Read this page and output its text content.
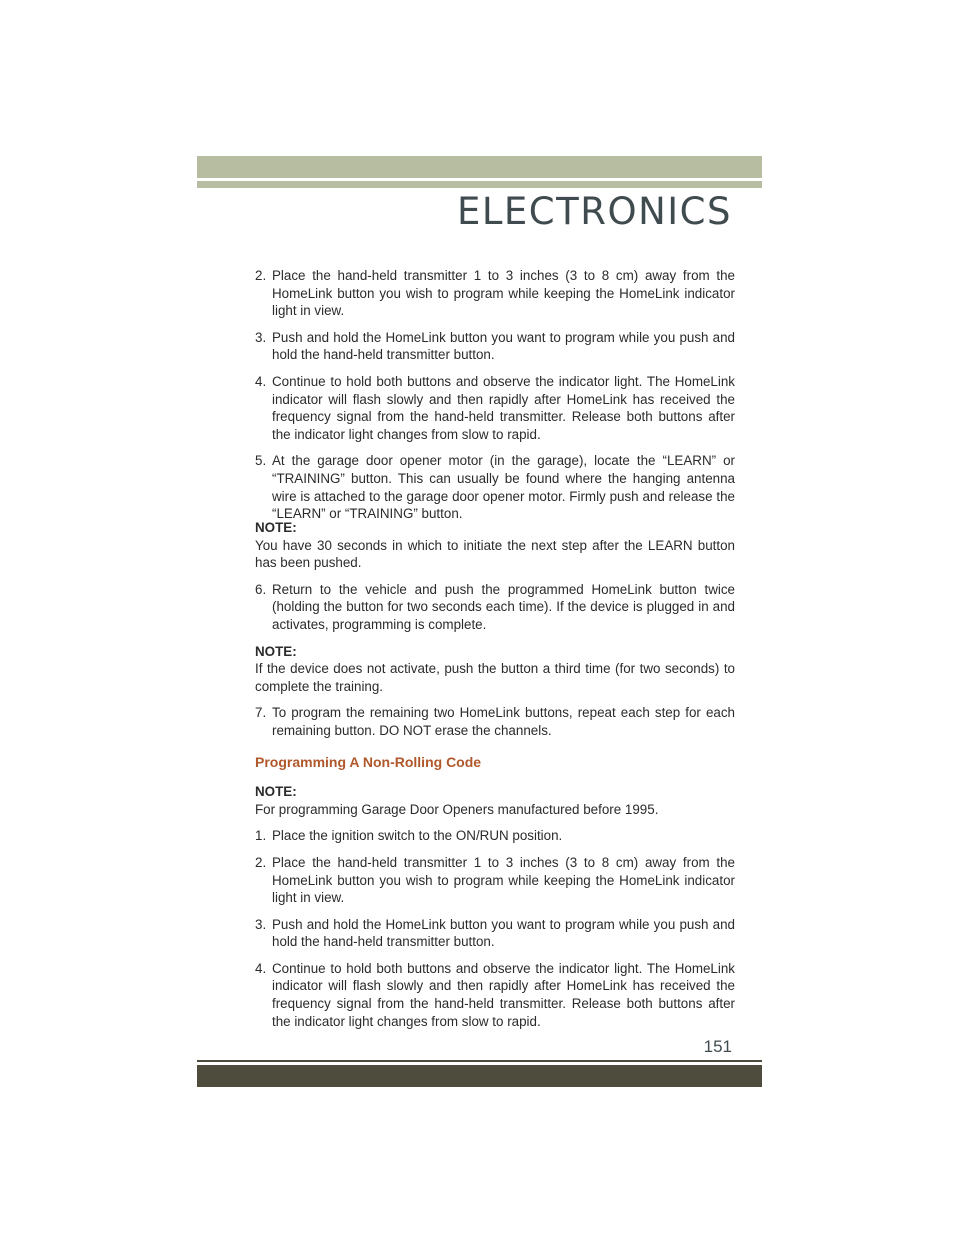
ELECTRONICS
2. Place the hand-held transmitter 1 to 3 inches (3 to 8 cm) away from the HomeLink button you wish to program while keeping the HomeLink indicator light in view.
3. Push and hold the HomeLink button you want to program while you push and hold the hand-held transmitter button.
4. Continue to hold both buttons and observe the indicator light. The HomeLink indicator will flash slowly and then rapidly after HomeLink has received the frequency signal from the hand-held transmitter. Release both buttons after the indicator light changes from slow to rapid.
5. At the garage door opener motor (in the garage), locate the “LEARN” or “TRAINING” button. This can usually be found where the hanging antenna wire is attached to the garage door opener motor. Firmly push and release the “LEARN” or “TRAINING” button.
NOTE:
You have 30 seconds in which to initiate the next step after the LEARN button has been pushed.
6. Return to the vehicle and push the programmed HomeLink button twice (holding the button for two seconds each time). If the device is plugged in and activates, programming is complete.
NOTE:
If the device does not activate, push the button a third time (for two seconds) to complete the training.
7. To program the remaining two HomeLink buttons, repeat each step for each remaining button. DO NOT erase the channels.
Programming A Non-Rolling Code
NOTE:
For programming Garage Door Openers manufactured before 1995.
1. Place the ignition switch to the ON/RUN position.
2. Place the hand-held transmitter 1 to 3 inches (3 to 8 cm) away from the HomeLink button you wish to program while keeping the HomeLink indicator light in view.
3. Push and hold the HomeLink button you want to program while you push and hold the hand-held transmitter button.
4. Continue to hold both buttons and observe the indicator light. The HomeLink indicator will flash slowly and then rapidly after HomeLink has received the frequency signal from the hand-held transmitter. Release both buttons after the indicator light changes from slow to rapid.
151
